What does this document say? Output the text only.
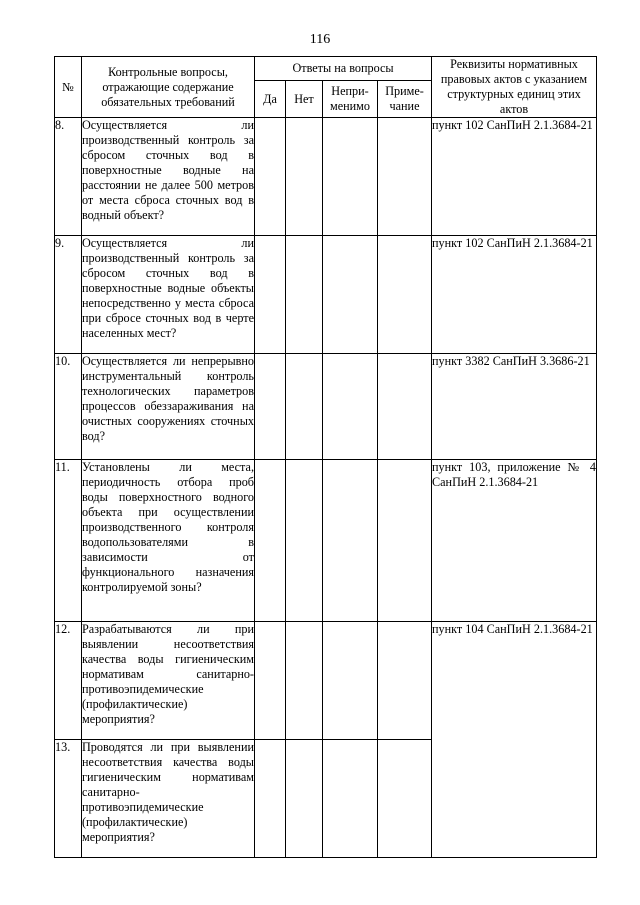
116
№	Контрольные вопросы, отражающие содержание обязательных требований	Ответы на вопросы				Реквизиты нормативных правовых актов с указанием структурных единиц этих актов
		Да	Нет	Непри-менимо	Приме-чание	
8.	Осуществляется ли производственный контроль за сбросом сточных вод в поверхностные водные на расстоянии не далее 500 метров от места сброса сточных вод в водный объект?					пункт 102 СанПиН 2.1.3684-21
9.	Осуществляется ли производственный контроль за сбросом сточных вод в поверхностные водные объекты непосредственно у места сброса при сбросе сточных вод в черте населенных мест?					пункт 102 СанПиН 2.1.3684-21
10.	Осуществляется ли непрерывно инструментальный контроль технологических параметров процессов обеззараживания на очистных сооружениях сточных вод?					пункт 3382 СанПиН 3.3686-21
11.	Установлены ли места, периодичность отбора проб воды поверхностного водного объекта при осуществлении производственного контроля водопользователями в зависимости от функционального назначения контролируемой зоны?					пункт 103, приложение № 4 СанПиН 2.1.3684-21
12.	Разрабатываются ли при выявлении несоответствия качества воды гигиеническим нормативам санитарно-противоэпидемические (профилактические) мероприятия?					пункт 104 СанПиН 2.1.3684-21
13.	Проводятся ли при выявлении несоответствия качества воды гигиеническим нормативам санитарно-противоэпидемические (профилактические) мероприятия?					
